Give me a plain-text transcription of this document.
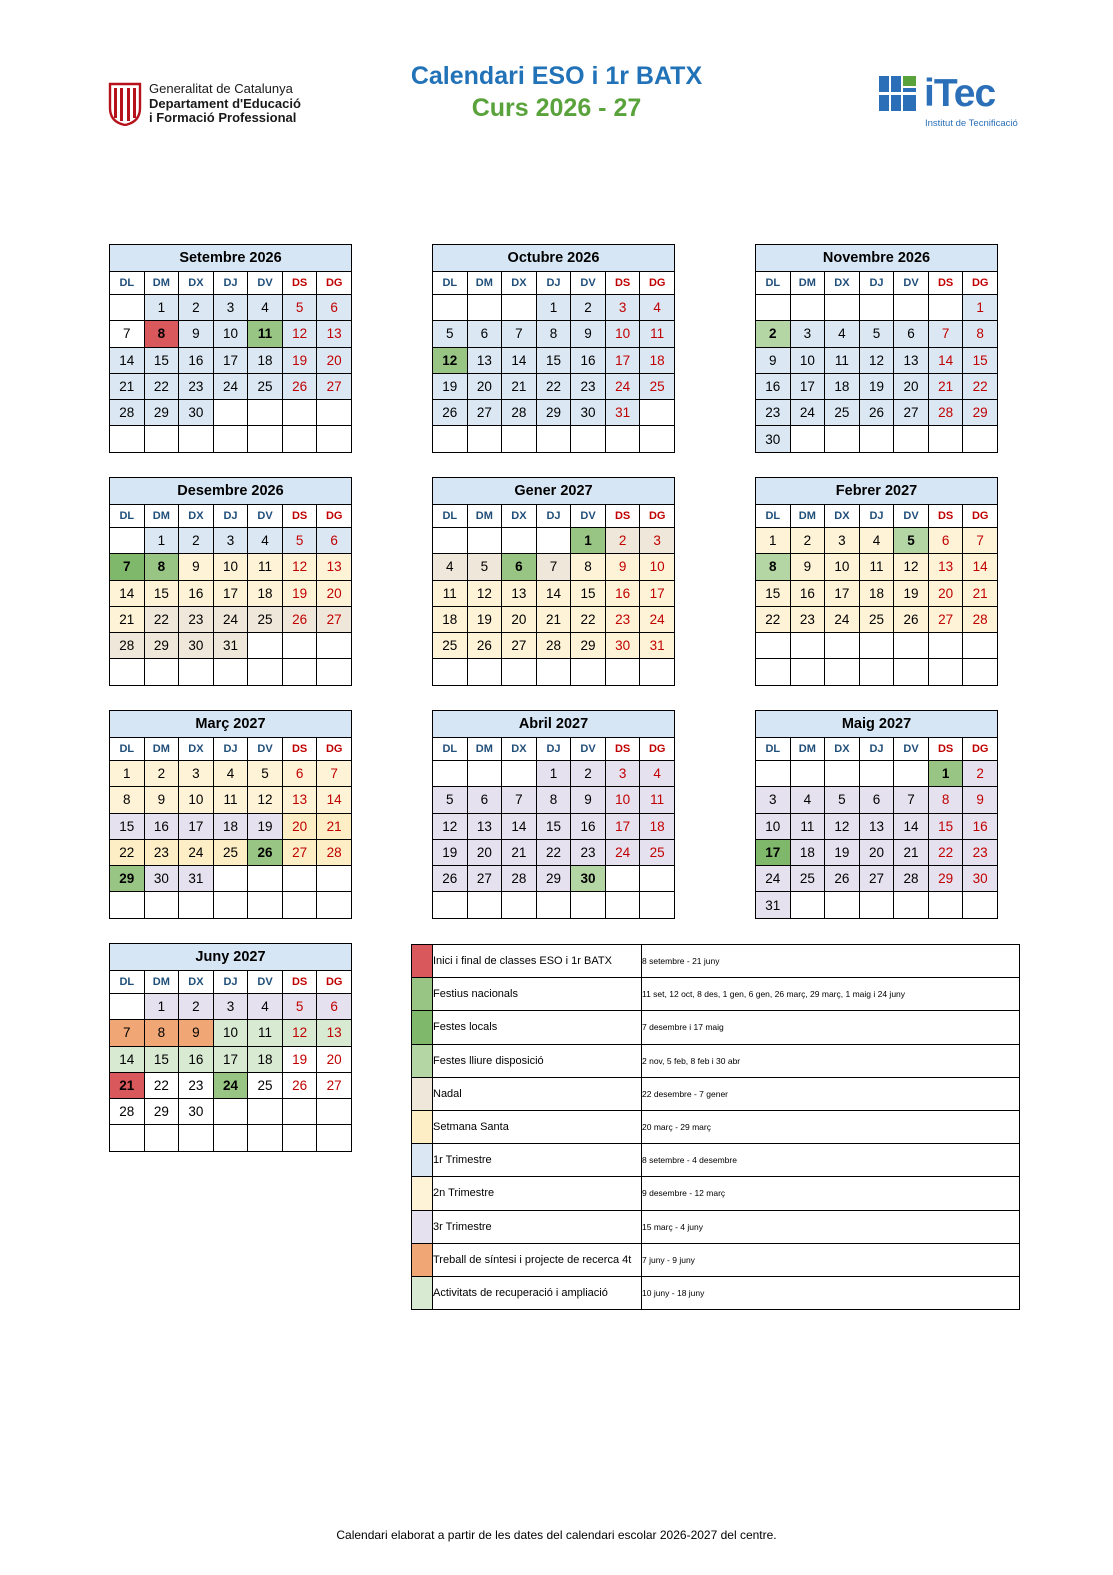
Calendari ESO i 1r BATX
Curs 2026 - 27
Generalitat de Catalunya
Departament d'Educació
i Formació Professional
iTec
Institut de Tecnificació
Setembre 2026						
DL	DM	DX	DJ	DV	DS	DG
	1	2	3	4	5	6
7	8	9	10	11	12	13
14	15	16	17	18	19	20
21	22	23	24	25	26	27
28	29	30				

Octubre 2026						
DL	DM	DX	DJ	DV	DS	DG
			1	2	3	4
5	6	7	8	9	10	11
12	13	14	15	16	17	18
19	20	21	22	23	24	25
26	27	28	29	30	31	

Novembre 2026						
DL	DM	DX	DJ	DV	DS	DG
						1
2	3	4	5	6	7	8
9	10	11	12	13	14	15
16	17	18	19	20	21	22
23	24	25	26	27	28	29
30						
Desembre 2026						
DL	DM	DX	DJ	DV	DS	DG
	1	2	3	4	5	6
7	8	9	10	11	12	13
14	15	16	17	18	19	20
21	22	23	24	25	26	27
28	29	30	31			

Gener 2027						
DL	DM	DX	DJ	DV	DS	DG
				1	2	3
4	5	6	7	8	9	10
11	12	13	14	15	16	17
18	19	20	21	22	23	24
25	26	27	28	29	30	31

Febrer 2027						
DL	DM	DX	DJ	DV	DS	DG
1	2	3	4	5	6	7
8	9	10	11	12	13	14
15	16	17	18	19	20	21
22	23	24	25	26	27	28

Març 2027						
DL	DM	DX	DJ	DV	DS	DG
1	2	3	4	5	6	7
8	9	10	11	12	13	14
15	16	17	18	19	20	21
22	23	24	25	26	27	28
29	30	31				

Abril 2027						
DL	DM	DX	DJ	DV	DS	DG
			1	2	3	4
5	6	7	8	9	10	11
12	13	14	15	16	17	18
19	20	21	22	23	24	25
26	27	28	29	30		

Maig 2027						
DL	DM	DX	DJ	DV	DS	DG
					1	2
3	4	5	6	7	8	9
10	11	12	13	14	15	16
17	18	19	20	21	22	23
24	25	26	27	28	29	30
31						
Juny 2027						
DL	DM	DX	DJ	DV	DS	DG
	1	2	3	4	5	6
7	8	9	10	11	12	13
14	15	16	17	18	19	20
21	22	23	24	25	26	27
28	29	30				

	Inici i final de classes ESO i 1r BATX	8 setembre - 21 juny
	Festius nacionals	11 set, 12 oct, 8 des, 1 gen, 6 gen, 26 març, 29 març, 1 maig i 24 juny
	Festes locals	7 desembre i 17 maig
	Festes lliure disposició	2 nov, 5 feb, 8 feb i 30 abr
	Nadal	22 desembre - 7 gener
	Setmana Santa	20 març - 29 març
	1r Trimestre	8 setembre - 4 desembre
	2n Trimestre	9 desembre - 12 març
	3r Trimestre	15 març - 4 juny
	Treball de síntesi i projecte de recerca 4t	7 juny - 9 juny
	Activitats de recuperació i ampliació	10 juny - 18 juny
Calendari elaborat a partir de les dates del calendari escolar 2026-2027 del centre.
